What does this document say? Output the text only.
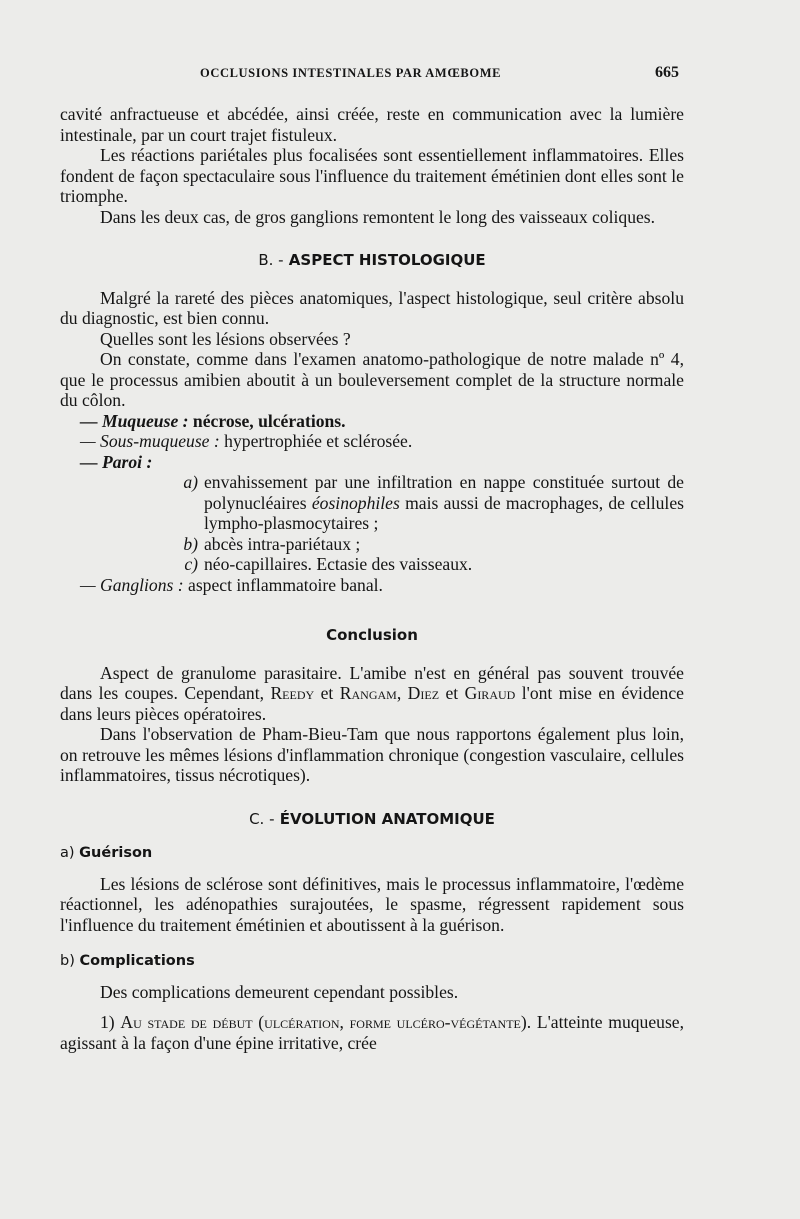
OCCLUSIONS INTESTINALES PAR AMŒBOME	665

cavité anfractueuse et abcédée, ainsi créée, reste en communication avec la lumière intestinale, par un court trajet fistuleux.

Les réactions pariétales plus focalisées sont essentiellement inflammatoires. Elles fondent de façon spectaculaire sous l'influence du traitement émétinien dont elles sont le triomphe.

Dans les deux cas, de gros ganglions remontent le long des vaisseaux coliques.

B. - ASPECT HISTOLOGIQUE

Malgré la rareté des pièces anatomiques, l'aspect histologique, seul critère absolu du diagnostic, est bien connu.

Quelles sont les lésions observées ?

On constate, comme dans l'examen anatomo-pathologique de notre malade nº 4, que le processus amibien aboutit à un bouleversement complet de la structure normale du côlon.

— Muqueuse : nécrose, ulcérations.
— Sous-muqueuse : hypertrophiée et sclérosée.
— Paroi :
a) envahissement par une infiltration en nappe constituée surtout de polynucléaires éosinophiles mais aussi de macrophages, de cellules lympho-plasmocytaires ;
b) abcès intra-pariétaux ;
c) néo-capillaires. Ectasie des vaisseaux.
— Ganglions : aspect inflammatoire banal.
Conclusion

Aspect de granulome parasitaire. L'amibe n'est en général pas souvent trouvée dans les coupes. Cependant, Reedy et Rangam, Diez et Giraud l'ont mise en évidence dans leurs pièces opératoires.

Dans l'observation de Pham-Bieu-Tam que nous rapportons également plus loin, on retrouve les mêmes lésions d'inflammation chronique (congestion vasculaire, cellules inflammatoires, tissus nécrotiques).

C. - ÉVOLUTION ANATOMIQUE
a) Guérison

Les lésions de sclérose sont définitives, mais le processus inflammatoire, l'œdème réactionnel, les adénopathies surajoutées, le spasme, régressent rapidement sous l'influence du traitement émétinien et aboutissent à la guérison.

b) Complications

Des complications demeurent cependant possibles.

1) Au stade de début (ulcération, forme ulcéro-végétante). L'atteinte muqueuse, agissant à la façon d'une épine irritative, crée
